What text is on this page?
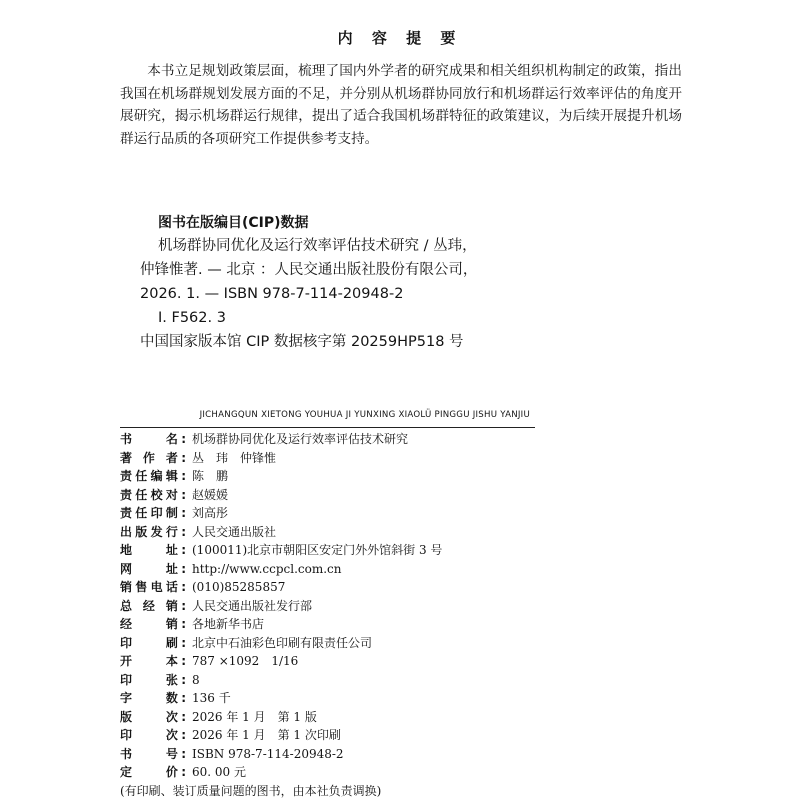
内 容 提 要

本书立足规划政策层面，梳理了国内外学者的研究成果和相关组织机构制定的政策，指出我国在机场群规划发展方面的不足，并分别从机场群协同放行和机场群运行效率评估的角度开展研究，揭示机场群运行规律，提出了适合我国机场群特征的政策建议，为后续开展提升机场群运行品质的各项研究工作提供参考支持。

图书在版编目(CIP)数据
机场群协同优化及运行效率评估技术研究 / 丛玮，
仲锋惟著. — 北京 ：人民交通出版社股份有限公司，
2026. 1. — ISBN 978-7-114-20948-2
Ⅰ. F562. 3
中国国家版本馆 CIP 数据核字第 20259HP518 号
JICHANGQUN XIETONG YOUHUA JI YUNXING XIAOLÜ PINGGU JISHU YANJIU
书　　名: 机场群协同优化及运行效率评估技术研究
著 作 者: 丛　玮　仲锋惟
责任编辑: 陈　鹏
责任校对: 赵媛媛
责任印制: 刘高彤
出版发行: 人民交通出版社
地　　址: (100011)北京市朝阳区安定门外外馆斜街 3 号
网　　址: http://www.ccpcl.com.cn
销售电话: (010)85285857
总 经 销: 人民交通出版社发行部
经　　销: 各地新华书店
印　　刷: 北京中石油彩色印刷有限责任公司
开　　本: 787 ×1092　1/16
印　　张: 8
字　　数: 136 千
版　　次: 2026 年 1 月　第 1 版
印　　次: 2026 年 1 月　第 1 次印刷
书　　号: ISBN 978-7-114-20948-2
定　　价: 60. 00 元
(有印刷、装订质量问题的图书，由本社负责调换)
